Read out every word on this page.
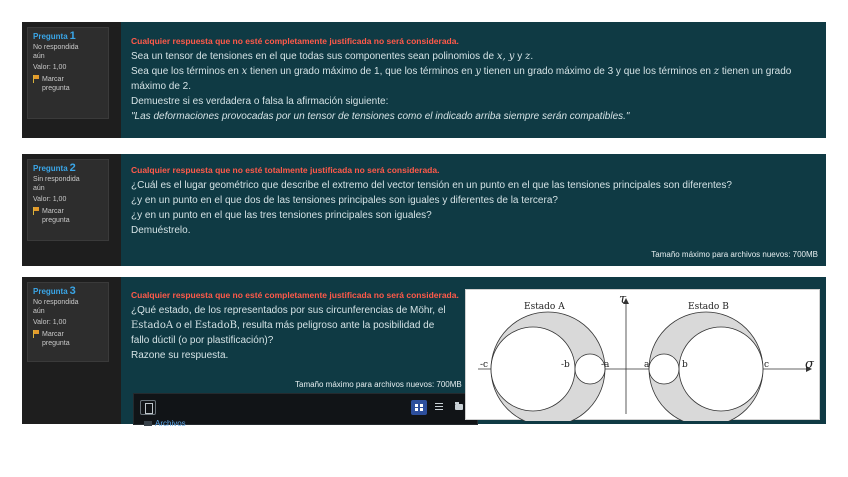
Pregunta 1
No respondida
aún
Valor: 1,00
Marcar
pregunta
Cualquier respuesta que no esté completamente justificada no será considerada.
Sea un tensor de tensiones en el que todas sus componentes sean polinomios de x, y y z.
Sea que los términos en x tienen un grado máximo de 1, que los términos en y tienen un grado máximo de 3 y que los términos en z tienen un grado
máximo de 2.
Demuestre si es verdadera o falsa la afirmación siguiente:
"Las deformaciones provocadas por un tensor de tensiones como el indicado arriba siempre serán compatibles."
Pregunta 2
Sin respondida
aún
Valor: 1,00
Marcar
pregunta
Cualquier respuesta que no esté totalmente justificada no será considerada.
¿Cuál es el lugar geométrico que describe el extremo del vector tensión en un punto en el que las tensiones principales son diferentes?
¿y en un punto en el que dos de las tensiones principales son iguales y diferentes de la tercera?
¿y en un punto en el que las tres tensiones principales son iguales?
Demuéstrelo.
Tamaño máximo para archivos nuevos: 700MB
Pregunta 3
No respondida
aún
Valor: 1,00
Marcar
pregunta
Cualquier respuesta que no esté completamente justificada no será considerada.
¿Qué estado, de los representados por sus circunferencias de Möhr, el
EstadoA o el EstadoB, resulta más peligroso ante la posibilidad de
fallo dúctil (o por plastificación)?
Razone su respuesta.
Tamaño máximo para archivos nuevos: 700MB
Archivos
τ
σ
Estado A
-c	-b	-a
Estado B
a	b	c
